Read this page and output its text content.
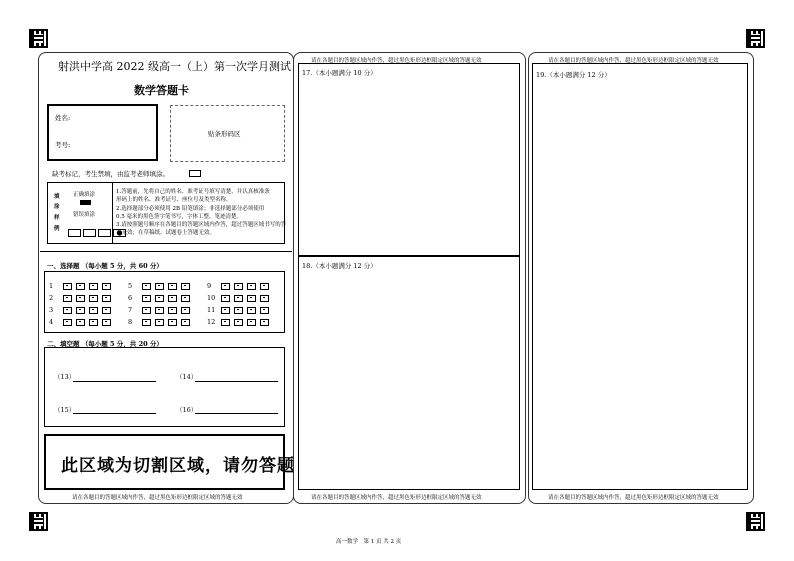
射洪中学高 2022 级高一（上）第一次学月测试
数学答题卡
姓名:
考号:
贴条形码区
缺考标记，考生禁填，由监考老师填涂。
填
涂
样
例
正确填涂
错误填涂
1.答题前，先将自己的姓名、准考证号填写清楚，并认真核准条
形码上的姓名、准考证号、座位号及类型名称。
2.选择题部分必须使用 2B 铅笔填涂；非选择题部分必须使用
0.5 毫米的黑色签字笔书写，字体工整，笔迹清楚。
3.请按照题号顺序在各题目的答题区域内作答，超过答题区域书写的答
案无效；在草稿纸、试题卷上答题无效。
一、选择题 （每小题 5 分，共 60 分）
1
2
3
4
5
6
7
8
9
10
11
12
二、填空题 （每小题 5 分，共 20 分）
（13）	（14）
（15）	（16）
此区域为切割区域，请勿答题
请在各题目的答题区域内作答，超过黑色矩形边框限定区域的答题无效
请在各题目的答题区域内作答，超过黑色矩形边框限定区域的答题无效
17.（本小题满分 10 分）
18.（本小题满分 12 分）
请在各题目的答题区域内作答，超过黑色矩形边框限定区域的答题无效
请在各题目的答题区域内作答，超过黑色矩形边框限定区域的答题无效
19.（本小题满分 12 分）
请在各题目的答题区域内作答，超过黑色矩形边框限定区域的答题无效
高一数学　第 1 页 共 2 页
